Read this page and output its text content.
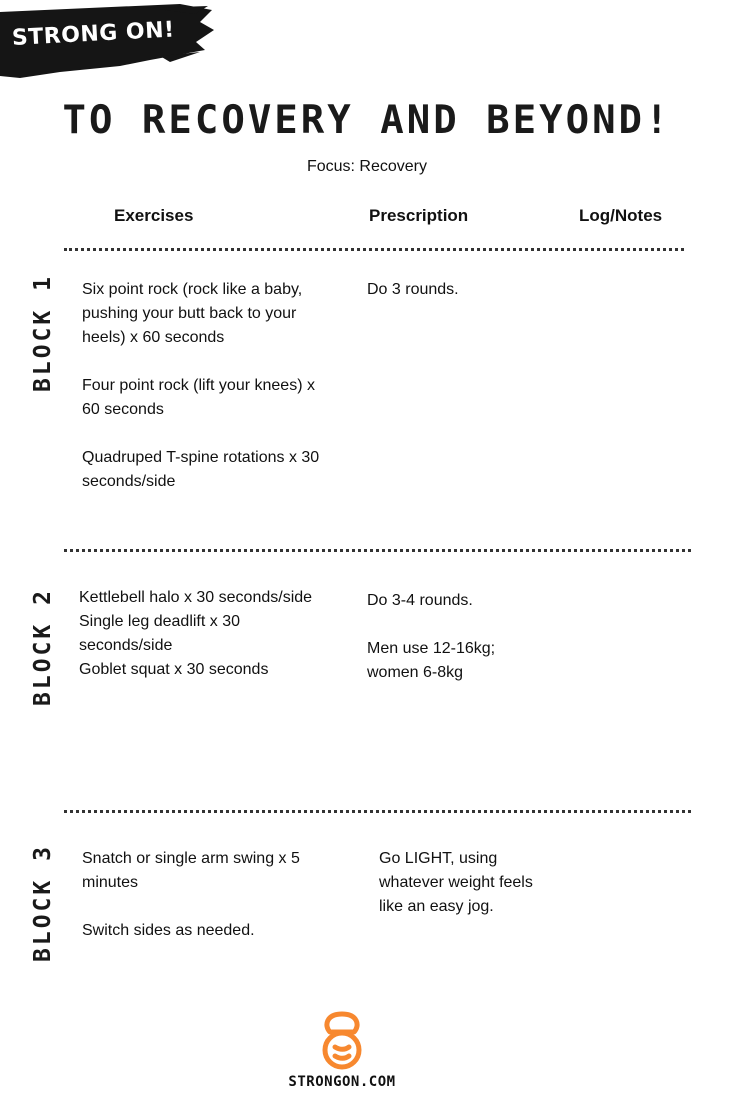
STRONG ON!
TO RECOVERY AND BEYOND!
Focus: Recovery
Exercises	Prescription	Log/Notes
BLOCK 1 Six point rock (rock like a baby,
pushing your butt back to your
heels) x 60 seconds

Four point rock (lift your knees) x
60 seconds

Quadruped T-spine rotations x 30
seconds/side
Do 3 rounds.
BLOCK 2 Kettlebell halo x 30 seconds/side
Single leg deadlift x 30
seconds/side
Goblet squat x 30 seconds
Do 3-4 rounds.

Men use 12-16kg;
women 6-8kg
BLOCK 3 Snatch or single arm swing x 5
minutes

Switch sides as needed.
Go LIGHT, using
whatever weight feels
like an easy jog.
STRONGON.COM
